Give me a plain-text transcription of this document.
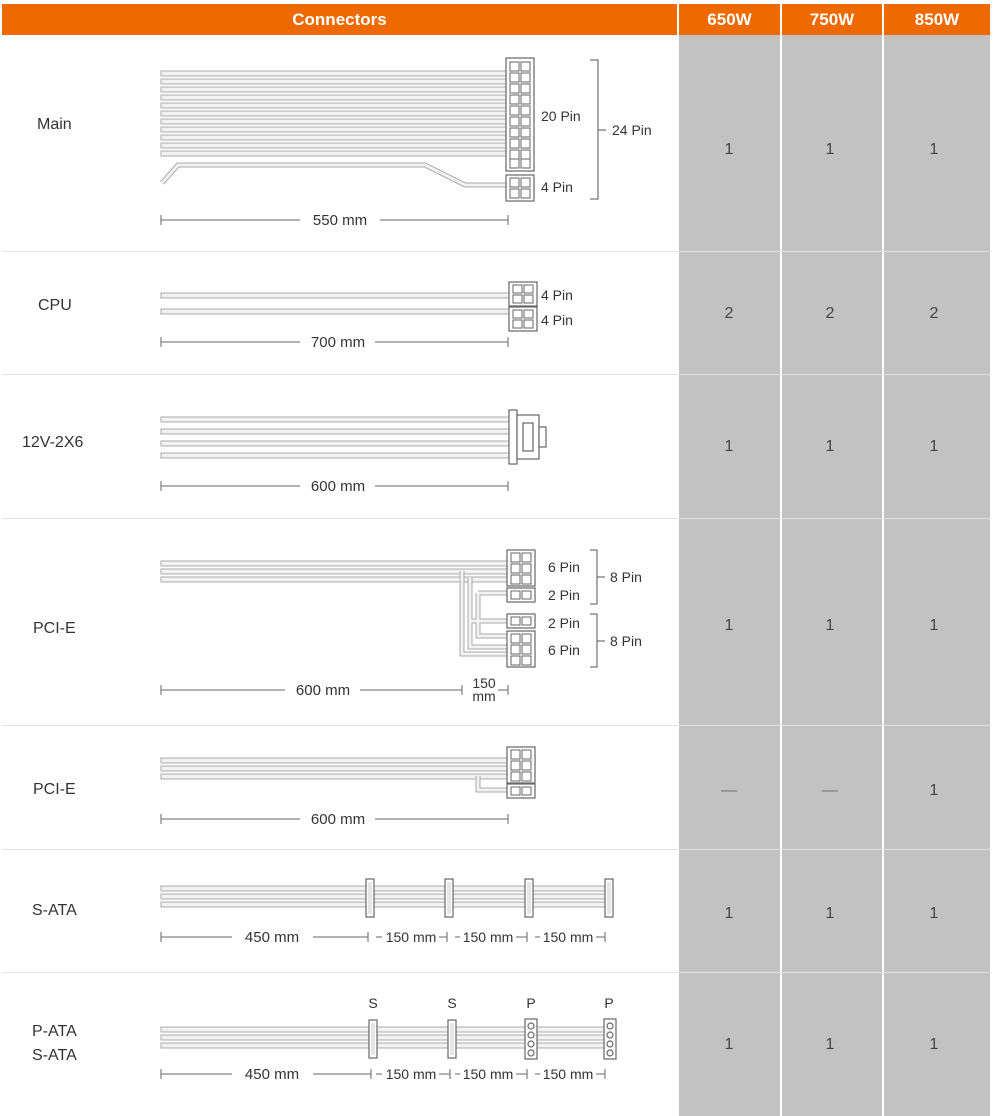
Connectors	650W	750W	850W
Main	20 Pin
4 Pin
24 Pin
550 mm
1	1	1
CPU
4 Pin
4 Pin
700 mm
2	2	2
12V-2X6
600 mm
1	1	1
PCI-E
6 Pin
2 Pin
2 Pin
6 Pin
8 Pin
8 Pin
600 mm	150
mm
1	1	1
PCI-E
600 mm
—	—	1
S-ATA
450 mm	150 mm 150 mm 150 mm
1	1	1
P-ATA
S-ATA
S	S	P	P
450 mm	150 mm 150 mm 150 mm
1	1	1
